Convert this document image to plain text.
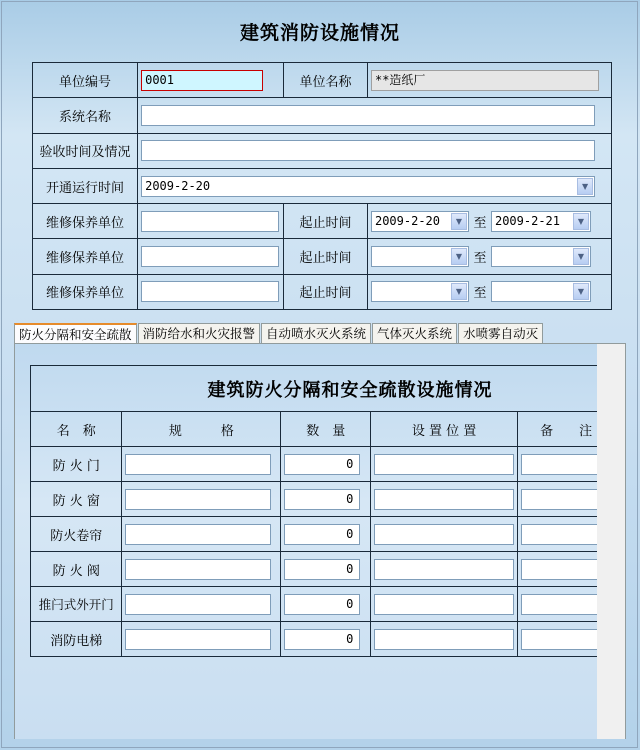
建筑消防设施情况
单位编号	0001	单位名称	**造纸厂

系统名称			

验收时间及情况			

开通运行时间	2009-2-20 ▼		

维修保养单位		起止时间	2009-2-20 ▼ 至 2009-2-21 ▼

维修保养单位		起止时间	▼ 至 ▼

维修保养单位		起止时间	▼ 至 ▼
防火分隔和安全疏散 消防给水和火灾报警 自动喷水灭火系统 气体灭火系统 水喷雾自动灭
建筑防火分隔和安全疏散设施情况				
名　称	规　　　格	数　量	设 置 位 置	备　　注
防 火 门		0		

防 火 窗		0		

防火卷帘		0		

防 火 阀		0		

推闩式外开门		0		

消防电梯		0		
